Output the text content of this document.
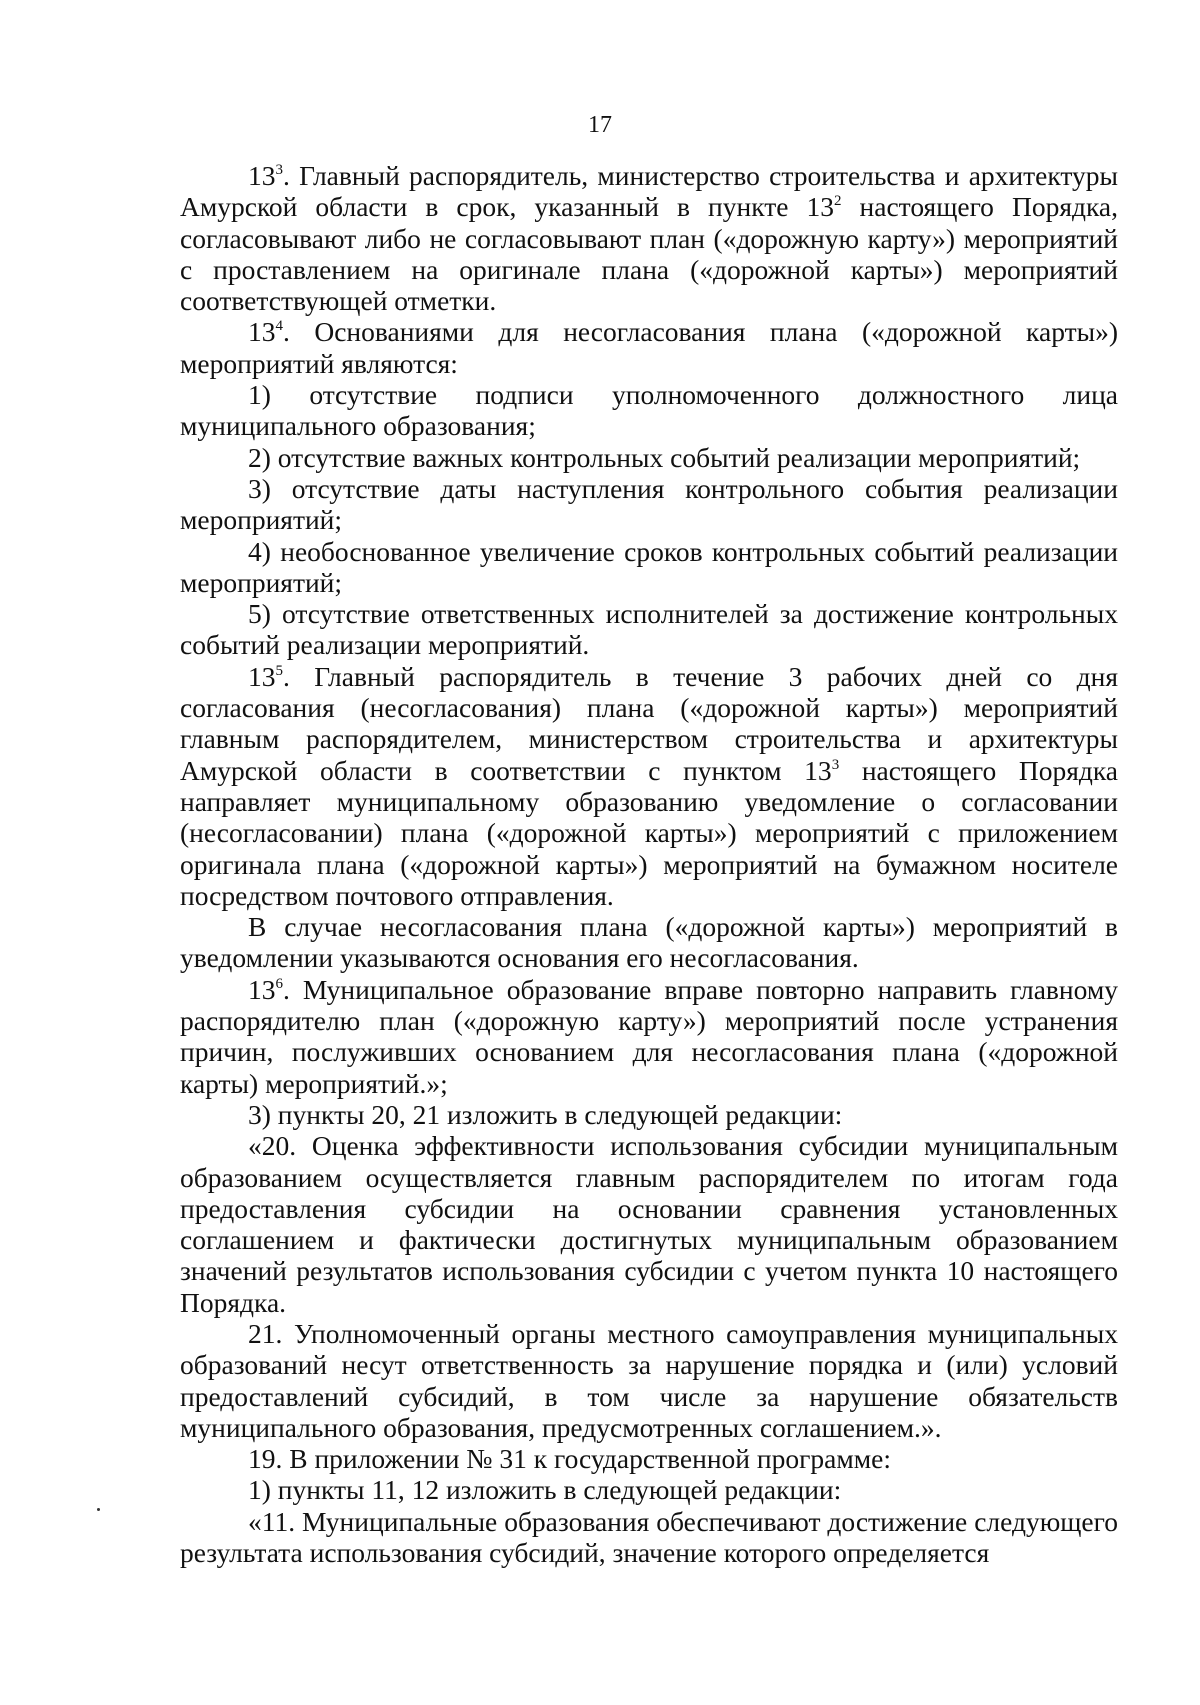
17

$13^3$. Главный распорядитель, министерство строительства и архитектуры Амурской области в срок, указанный в пункте $13^2$ настоящего Порядка, согласовывают либо не согласовывают план («дорожную карту») мероприятий с проставлением на оригинале плана («дорожной карты») мероприятий соответствующей отметки.

$13^4$. Основаниями для несогласования плана («дорожной карты») мероприятий являются:

1) отсутствие подписи уполномоченного должностного лица муниципального образования;

2) отсутствие важных контрольных событий реализации мероприятий;

3) отсутствие даты наступления контрольного события реализации мероприятий;

4) необоснованное увеличение сроков контрольных событий реализации мероприятий;

5) отсутствие ответственных исполнителей за достижение контрольных событий реализации мероприятий.

$13^5$. Главный распорядитель в течение 3 рабочих дней со дня согласования (несогласования) плана («дорожной карты») мероприятий главным распорядителем, министерством строительства и архитектуры Амурской области в соответствии с пунктом $13^3$ настоящего Порядка направляет муниципальному образованию уведомление о согласовании (несогласовании) плана («дорожной карты») мероприятий с приложением оригинала плана («дорожной карты») мероприятий на бумажном носителе посредством почтового отправления.

В случае несогласования плана («дорожной карты») мероприятий в уведомлении указываются основания его несогласования.

$13^6$. Муниципальное образование вправе повторно направить главному распорядителю план («дорожную карту») мероприятий после устранения причин, послуживших основанием для несогласования плана («дорожной карты) мероприятий.»;

3) пункты 20, 21 изложить в следующей редакции:

«20. Оценка эффективности использования субсидии муниципальным образованием осуществляется главным распорядителем по итогам года предоставления субсидии на основании сравнения установленных соглашением и фактически достигнутых муниципальным образованием значений результатов использования субсидии с учетом пункта 10 настоящего Порядка.

21. Уполномоченный органы местного самоуправления муниципальных образований несут ответственность за нарушение порядка и (или) условий предоставлений субсидий, в том числе за нарушение обязательств муниципального образования, предусмотренных соглашением.».

19. В приложении № 31 к государственной программе:

1) пункты 11, 12 изложить в следующей редакции:

«11. Муниципальные образования обеспечивают достижение следующего результата использования субсидий, значение которого определяется
